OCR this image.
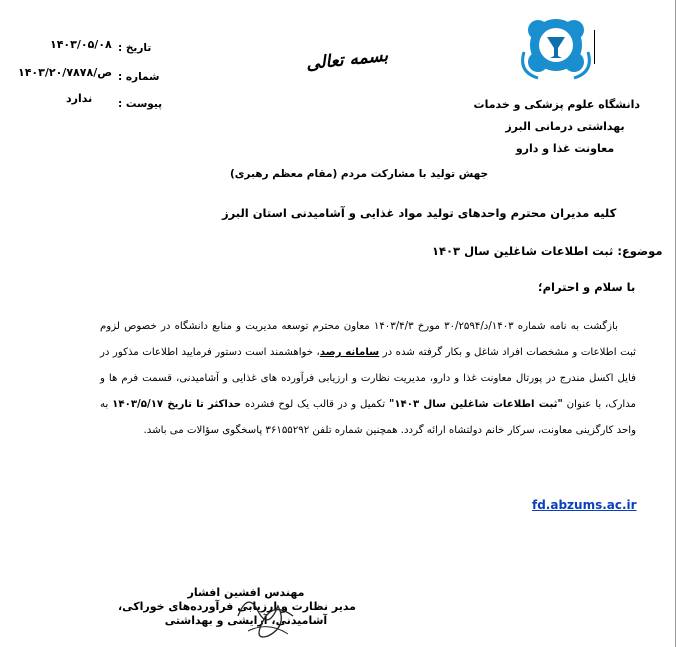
تاریخ :
۱۴۰۳/۰۵/۰۸
شماره :
۱۴۰۳/ص/۲۰/۷۸۷۸
پیوست :
ندارد
بسمه تعالی
دانشگاه علوم پزشکی و خدمات
بهداشتی درمانی البرز
معاونت غذا و دارو
جهش تولید با مشارکت مردم (مقام معظم رهبری)
کلیه مدیران محترم واحدهای تولید مواد غذایی و آشامیدنی استان البرز
موضوع: ثبت اطلاعات شاغلین سال ۱۴۰۳
با سلام و احترام؛

بازگشت به نامه شماره ۱۴۰۳/د/۳۰/۲۵۹۴ مورخ ۱۴۰۳/۴/۳ معاون محترم توسعه مدیریت و منابع دانشگاه در خصوص لزوم ثبت اطلاعات و مشخصات افراد شاغل و بکار گرفته شده در سامانه رصد، خواهشمند است دستور فرمایید اطلاعات مذکور در فایل اکسل مندرج در پورتال معاونت غذا و دارو، مدیریت نظارت و ارزیابی فرآورده های غذایی و آشامیدنی، قسمت فرم ها و مدارک، با عنوان "ثبت اطلاعات شاغلین سال ۱۴۰۳" تکمیل و در قالب یک لوح فشرده حداکثر تا تاریخ ۱۴۰۳/۵/۱۷ به واحد کارگزینی معاونت، سرکار خانم دولتشاه ارائه گردد. همچنین شماره تلفن ۳۶۱۵۵۲۹۲ پاسخگوی سؤالات می باشد.

fd.abzums.ac.ir
مهندس افشین افشار
مدیر نظارت و ارزیابی فرآورده‌های خوراکی،
آشامیدنی، آرایشی و بهداشتی
